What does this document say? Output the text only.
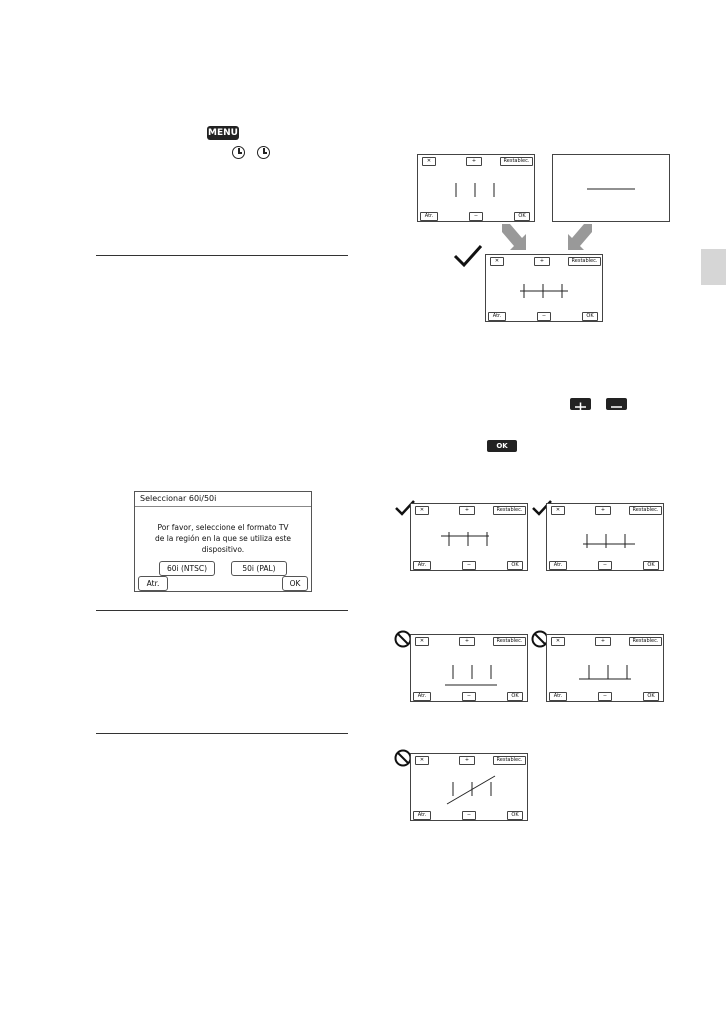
MENU
Seleccionar 60i/50i
Por favor, seleccione el formato TV
de la región en la que se utiliza este
dispositivo.
60i (NTSC)	50i (PAL)
Atr.	OK
✕	+	Restablec.
Atr.	−	OK
✕	+	Restablec.
Atr.	−	OK
OK
✕	+	Restablec.
Atr.	−	OK
✕	+	Restablec.
Atr.	−	OK
✕	+	Restablec.
Atr.	−	OK
✕	+	Restablec.
Atr.	−	OK
✕	+	Restablec.
Atr.	−	OK
